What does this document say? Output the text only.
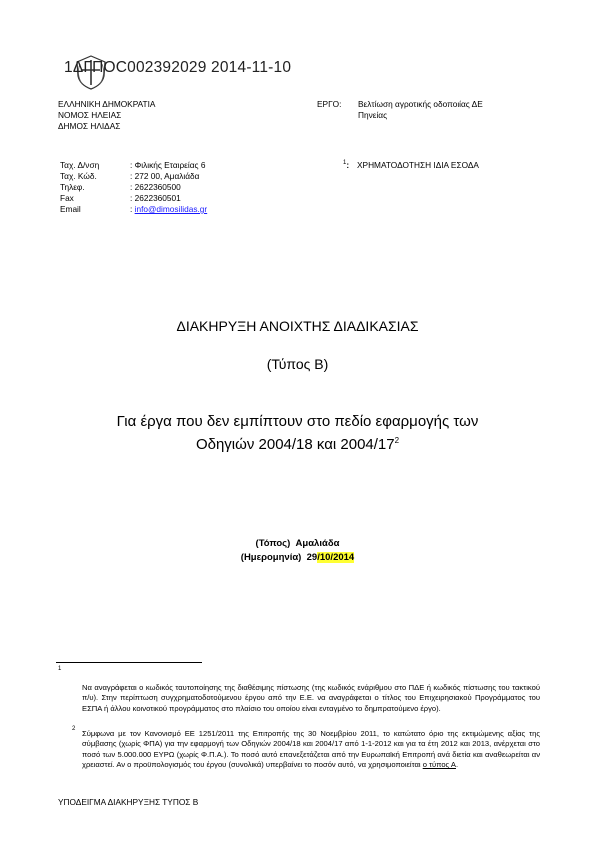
1ΔΓΠOC002392029 2014-11-10
ΕΛΛΗΝΙΚΗ ΔΗΜΟΚΡΑΤΙΑ
ΝΟΜΟΣ ΗΛΕΙΑΣ
ΔΗΜΟΣ ΗΛΙΔΑΣ
ΕΡΓΟ: Βελτίωση αγροτικής οδοποιίας ΔΕ
Πηνείας
Ταχ. Δ/νση	: Φιλικής Εταιρείας 6
Ταχ. Κώδ.	: 272 00, Αμαλιάδα
Τηλεφ.	: 2622360500
Fax	: 2622360501
Email	: info@dimosilidas.gr
$^1$: ΧΡΗΜΑΤΟΔΟΤΗΣΗ ΙΔΙΑ ΕΣΟΔΑ
ΔΙΑΚΗΡΥΞΗ ΑΝΟΙΧΤΗΣ ΔΙΑΔΙΚΑΣΙΑΣ
(Τύπος Β)
Για έργα που δεν εμπίπτουν στο πεδίο εφαρμογής των
Οδηγιών 2004/18 και $2004/17^2$
(Τόπος) Αμαλιάδα
(Ημερομηνία) 29/10/2014
1
Να αναγράφεται ο κωδικός ταυτοποίησης της διαθέσιμης πίστωσης (της κωδικός ενάριθμου στο ΠΔΕ ή κωδικός πίστωσης του τακτικού π/υ). Στην περίπτωση συγχρηματοδοτούμενου έργου από την Ε.Ε. να αναγράφεται ο τίτλος του Επιχειρησιακού Προγράμματος του ΕΣΠΑ ή άλλου κοινοτικού προγράμματος στο πλαίσιο του οποίου είναι ενταγμένο το δημπρατούμενο έργο).
2 Σύμφωνα με τον Κανονισμό ΕΕ 1251/2011 της Επιτροπής της 30 Νοεμβρίου 2011, το κατώτατο όριο της εκτιμώμενης αξίας της σύμβασης (χωρίς ΦΠΑ) για την εφαρμογή των Οδηγιών 2004/18 και 2004/17 από 1-1-2012 και για τα έτη 2012 και 2013, ανέρχεται στο ποσό των 5.000.000 ΕΥΡΩ (χωρίς Φ.Π.Α.). Το ποσό αυτό επανεξετάζεται από την Ευρωπαϊκή Επιτροπή ανά διετία και αναθεωρείται αν χρειαστεί. Αν ο προϋπολογισμός του έργου (συνολικά) υπερβαίνει το ποσόν αυτό, να χρησιμοποιείται ο τύπος Α.
ΥΠΟΔΕΙΓΜΑ ΔΙΑΚΗΡΥΞΗΣ ΤΥΠΟΣ Β
